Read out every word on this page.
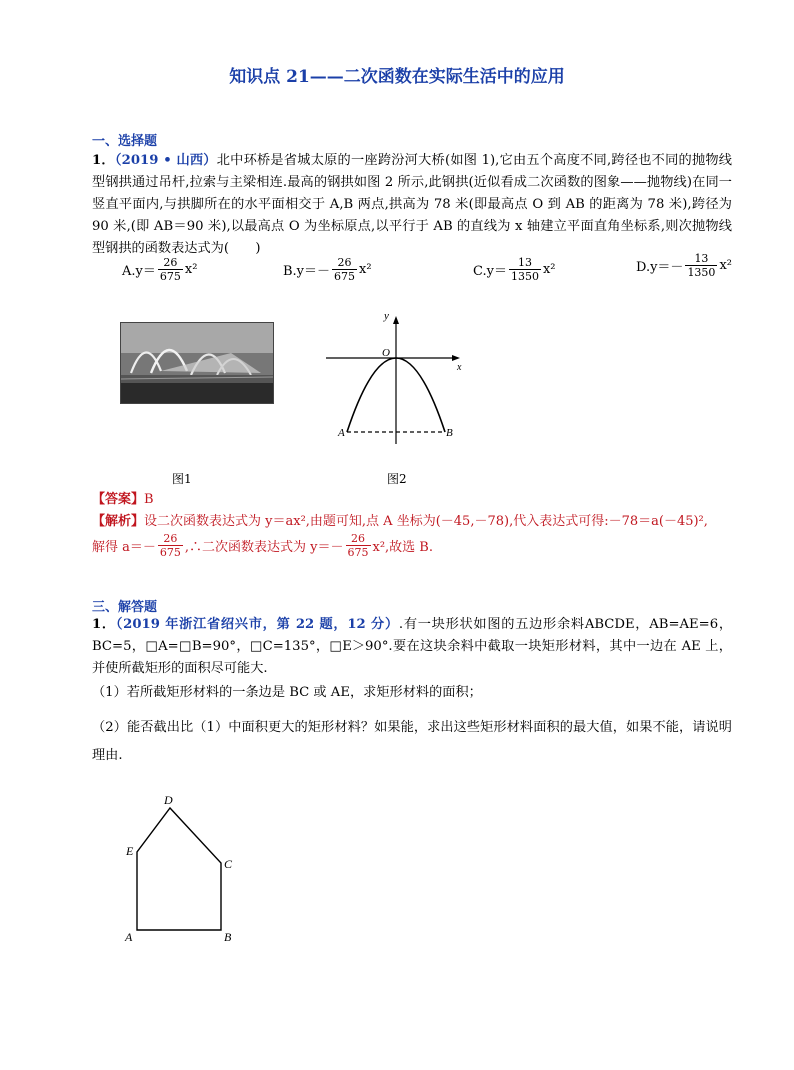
知识点 21——二次函数在实际生活中的应用
一、选择题
1．（2019 • 山西）北中环桥是省城太原的一座跨汾河大桥(如图 1),它由五个高度不同,跨径也不同的抛物线型钢拱通过吊杆,拉索与主梁相连.最高的钢拱如图 2 所示,此钢拱(近似看成二次函数的图象——抛物线)在同一竖直平面内,与拱脚所在的水平面相交于 A,B 两点,拱高为 78 米(即最高点 O 到 AB 的距离为 78 米),跨径为 90 米,(即 AB＝90 米),以最高点 O 为坐标原点,以平行于 AB 的直线为 x 轴建立平面直角坐标系,则次抛物线型钢拱的函数表达式为(　　)
$A.y= \frac{26}{675} x^2$	$B.y=- \frac{26}{675} x^2$	$C.y= \frac{13}{1350} x^2$	$D.y=- \frac{13}{1350} x^2$
y
x
O
A	B
图1	图2
【答案】B
【解析】设二次函数表达式为 y＝ax²,由题可知,点 A 坐标为(－45,－78),代入表达式可得:－78＝a(－45)²,
解得 $a=- \frac{26}{675}$ ,∴二次函数表达式为 $y=- \frac{26}{675} x^2$,故选 B.
三、解答题
1．（2019 年浙江省绍兴市，第 22 题，12 分）.有一块形状如图的五边形余料ABCDE，AB=AE=6，BC=5，□A=□B=90°，□C=135°，□E＞90°.要在这块余料中截取一块矩形材料，其中一边在 AE 上，并使所截矩形的面积尽可能大.
（1）若所截矩形材料的一条边是 BC 或 AE，求矩形材料的面积；
（2）能否截出比（1）中面积更大的矩形材料？如果能，求出这些矩形材料面积的最大值，如果不能，请说明理由.
A	B
C
D
E
